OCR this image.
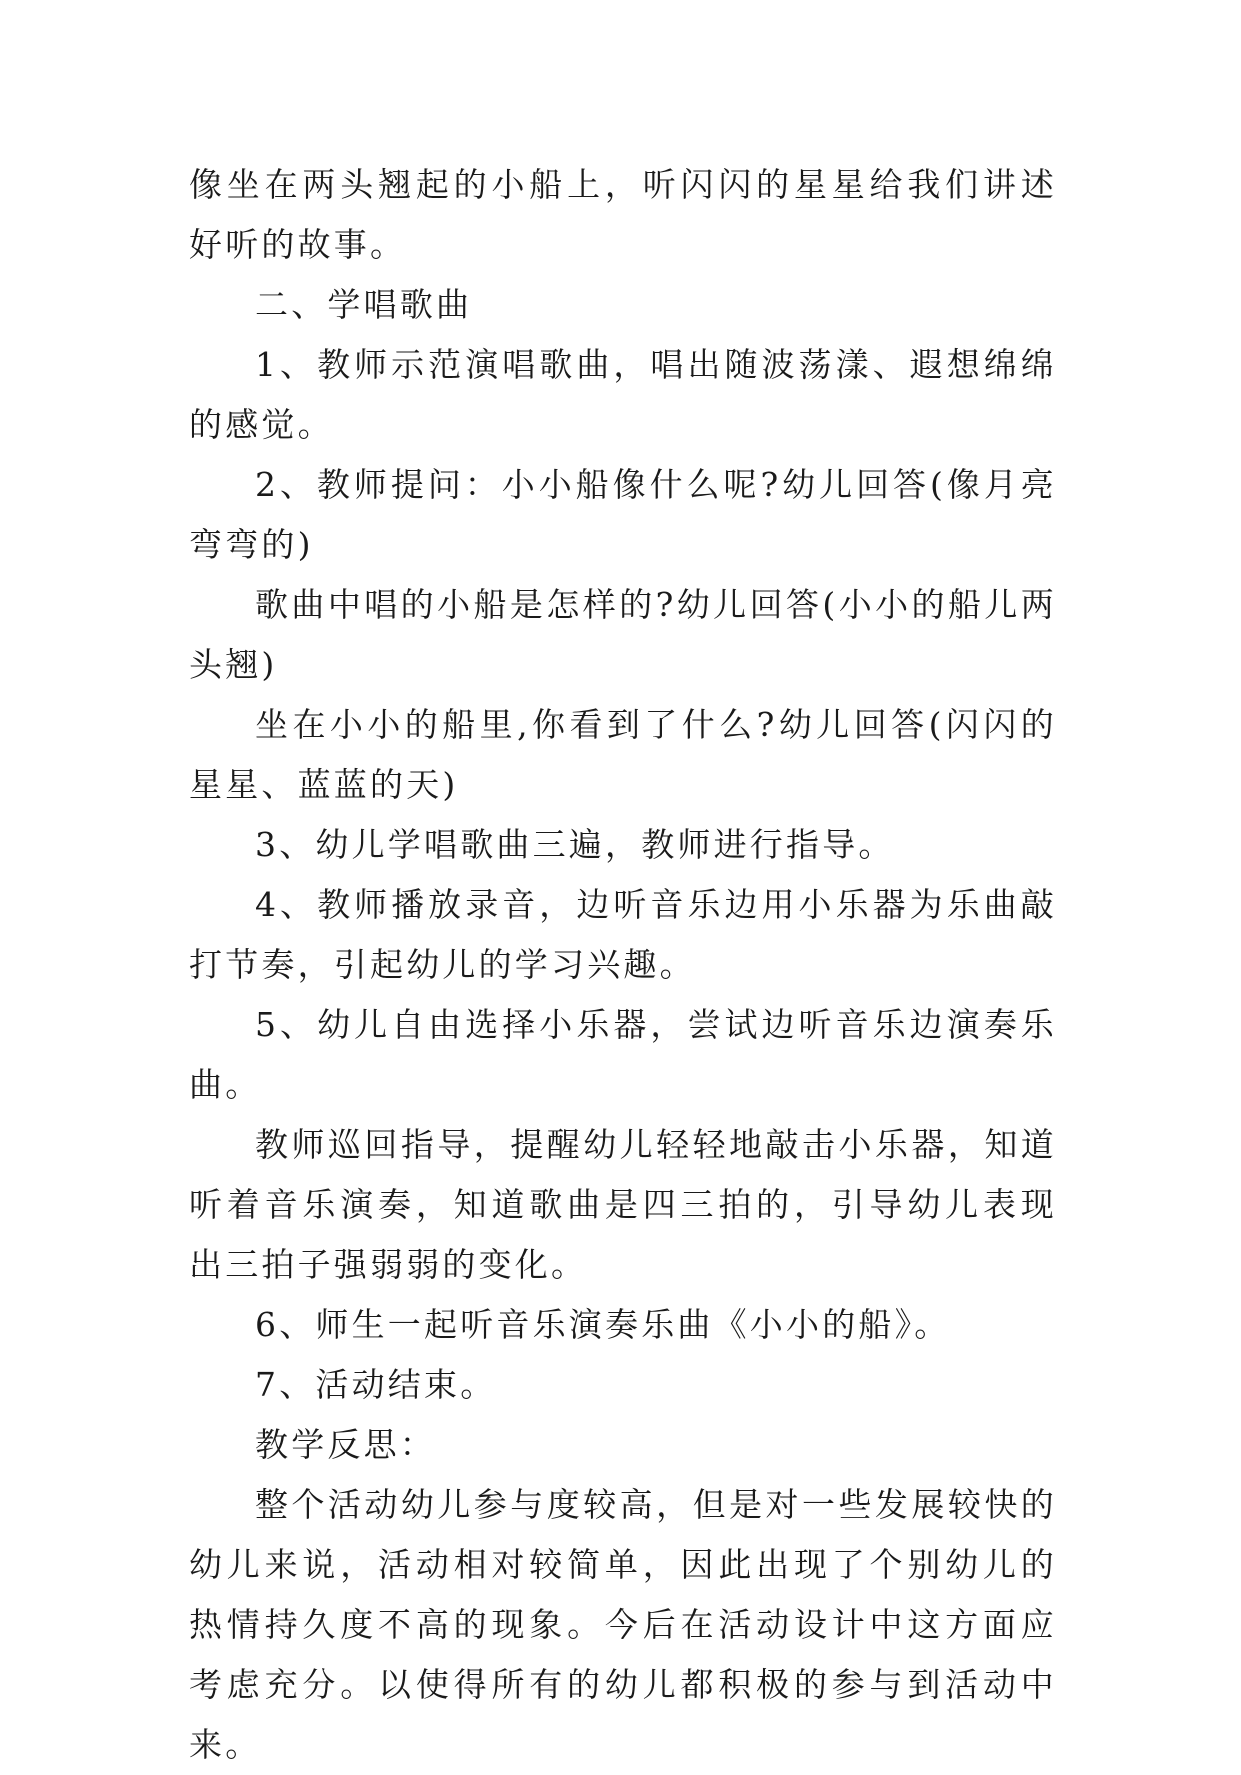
像坐在两头翘起的小船上，听闪闪的星星给我们讲述好听的故事。

二、学唱歌曲

1、教师示范演唱歌曲，唱出随波荡漾、遐想绵绵的感觉。

2、教师提问：小小船像什么呢?幼儿回答(像月亮弯弯的)

歌曲中唱的小船是怎样的?幼儿回答(小小的船儿两头翘)

坐在小小的船里,你看到了什么?幼儿回答(闪闪的星星、蓝蓝的天)

3、幼儿学唱歌曲三遍，教师进行指导。

4、教师播放录音，边听音乐边用小乐器为乐曲敲打节奏，引起幼儿的学习兴趣。

5、幼儿自由选择小乐器，尝试边听音乐边演奏乐曲。

教师巡回指导，提醒幼儿轻轻地敲击小乐器，知道听着音乐演奏，知道歌曲是四三拍的，引导幼儿表现出三拍子强弱弱的变化。

6、师生一起听音乐演奏乐曲《小小的船》。

7、活动结束。

教学反思：

整个活动幼儿参与度较高，但是对一些发展较快的幼儿来说，活动相对较简单，因此出现了个别幼儿的热情持久度不高的现象。今后在活动设计中这方面应考虑充分。以使得所有的幼儿都积极的参与到活动中来。
